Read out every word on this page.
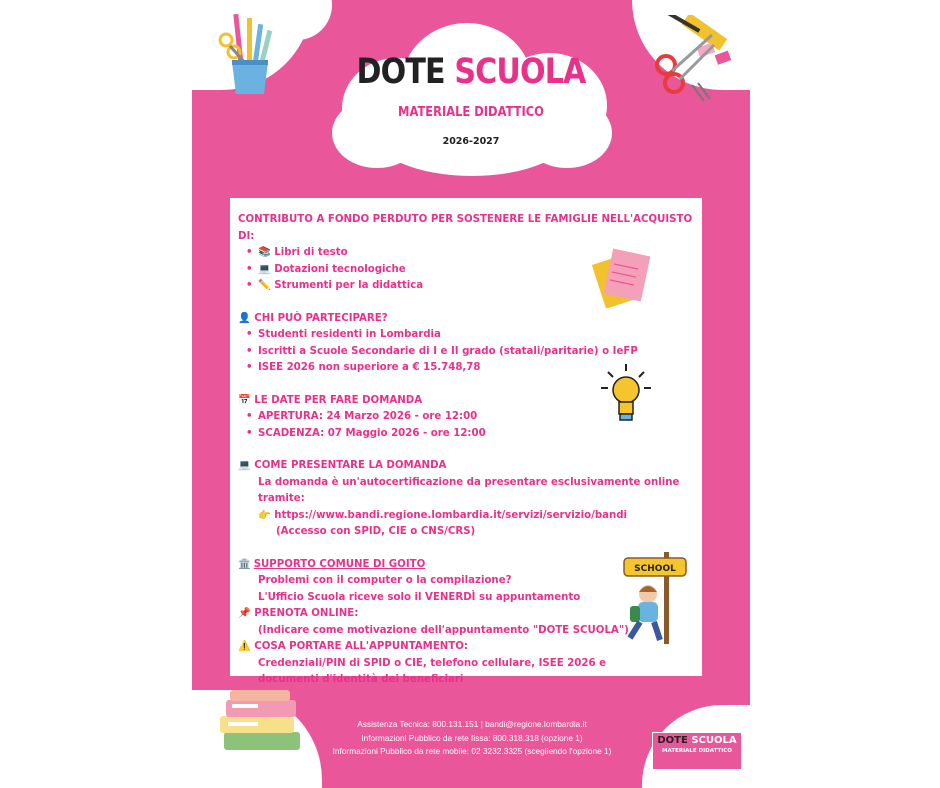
DOTE SCUOLA
MATERIALE DIDATTICO
2026-2027
CONTRIBUTO A FONDO PERDUTO PER SOSTENERE LE FAMIGLIE NELL'ACQUISTO DI:
• 📚 Libri di testo
• 💻 Dotazioni tecnologiche
• ✏️ Strumenti per la didattica
👤 CHI PUÒ PARTECIPARE?
• Studenti residenti in Lombardia
• Iscritti a Scuole Secondarie di I e II grado (statali/paritarie) o IeFP
• ISEE 2026 non superiore a € 15.748,78
📅 LE DATE PER FARE DOMANDA
• APERTURA: 24 Marzo 2026 - ore 12:00
• SCADENZA: 07 Maggio 2026 - ore 12:00
💻 COME PRESENTARE LA DOMANDA
La domanda è un'autocertificazione da presentare esclusivamente online
tramite:
👉 https://www.bandi.regione.lombardia.it/servizi/servizio/bandi
(Accesso con SPID, CIE o CNS/CRS)
🏛️ SUPPORTO COMUNE DI GOITO
Problemi con il computer o la compilazione?
L'Ufficio Scuola riceve solo il VENERDÌ su appuntamento
📌 PRENOTA ONLINE:
(Indicare come motivazione dell'appuntamento "DOTE SCUOLA")
⚠️ COSA PORTARE ALL'APPUNTAMENTO:
Credenziali/PIN di SPID o CIE, telefono cellulare, ISEE 2026 e
documenti d'identità dei beneficiari
SCHOOL
Assistenza Tecnica: 800.131.151 | bandi@regione.lombardia.it
Informazioni Pubblico da rete fissa: 800.318.318 (opzione 1)
Informazioni Pubblico da rete mobile: 02 3232.3325 (scegliendo l'opzione 1)
DOTE SCUOLA
MATERIALE DIDATTICO
